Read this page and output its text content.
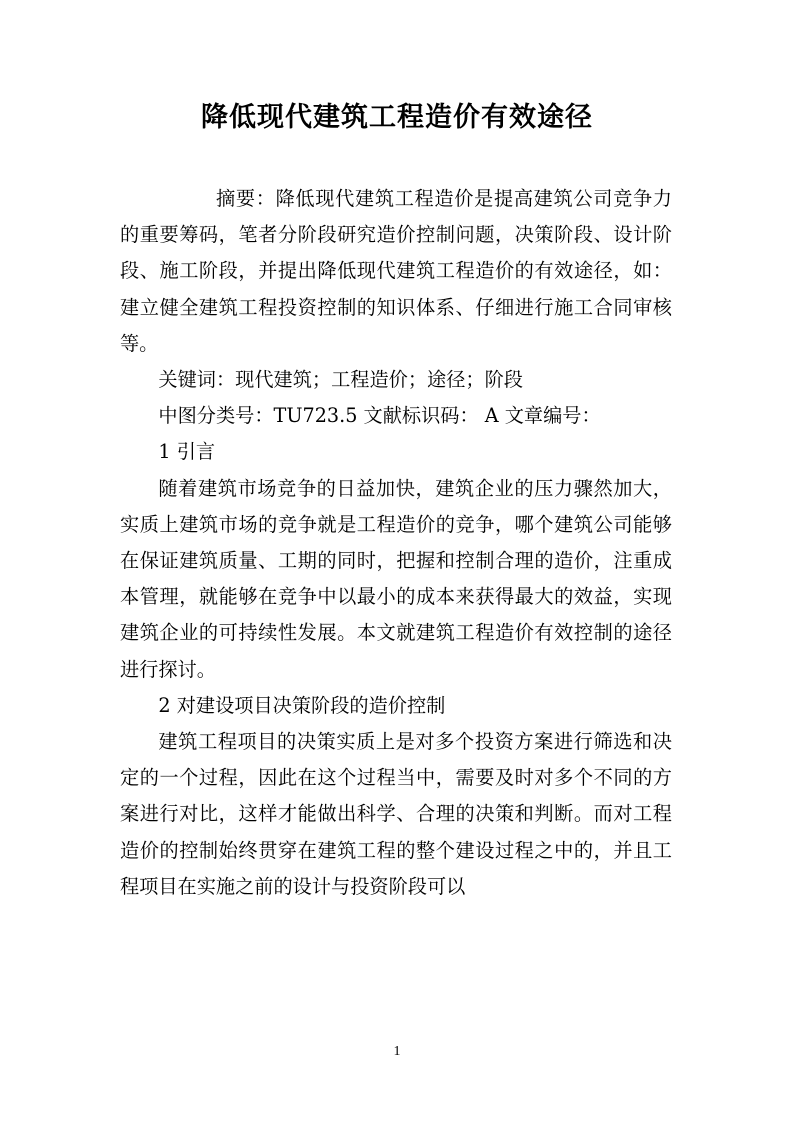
降低现代建筑工程造价有效途径

摘要：降低现代建筑工程造价是提高建筑公司竞争力的重要筹码，笔者分阶段研究造价控制问题，决策阶段、设计阶段、施工阶段，并提出降低现代建筑工程造价的有效途径，如：建立健全建筑工程投资控制的知识体系、仔细进行施工合同审核等。

关键词：现代建筑；工程造价；途径；阶段

中图分类号：TU723.5 文献标识码： A 文章编号：

1 引言

随着建筑市场竞争的日益加快，建筑企业的压力骤然加大，实质上建筑市场的竞争就是工程造价的竞争，哪个建筑公司能够在保证建筑质量、工期的同时，把握和控制合理的造价，注重成本管理，就能够在竞争中以最小的成本来获得最大的效益，实现建筑企业的可持续性发展。本文就建筑工程造价有效控制的途径进行探讨。

2 对建设项目决策阶段的造价控制

建筑工程项目的决策实质上是对多个投资方案进行筛选和决定的一个过程，因此在这个过程当中，需要及时对多个不同的方案进行对比，这样才能做出科学、合理的决策和判断。而对工程造价的控制始终贯穿在建筑工程的整个建设过程之中的，并且工程项目在实施之前的设计与投资阶段可以

1
